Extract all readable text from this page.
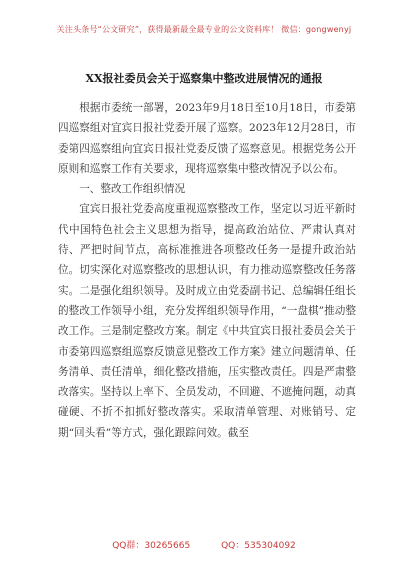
关注头条号“公文研究”，获得最新最全最专业的公文资料库！ 微信：gongwenyj
XX报社委员会关于巡察集中整改进展情况的通报

根据市委统一部署，2023年9月18日至10月18日，市委第四巡察组对宜宾日报社党委开展了巡察。2023年12月28日，市委第四巡察组向宜宾日报社党委反馈了巡察意见。根据党务公开原则和巡察工作有关要求，现将巡察集中整改情况予以公布。

一、整改工作组织情况

宜宾日报社党委高度重视巡察整改工作，坚定以习近平新时代中国特色社会主义思想为指导，提高政治站位、严肃认真对待、严把时间节点，高标准推进各项整改任务一是提升政治站位。切实深化对巡察整改的思想认识，有力推动巡察整改任务落实。二是强化组织领导。及时成立由党委副书记、总编辑任组长的整改工作领导小组，充分发挥组织领导作用，“一盘棋”推动整改工作。三是制定整改方案。制定《中共宜宾日报社委员会关于市委第四巡察组巡察反馈意见整改工作方案》建立问题清单、任务清单、责任清单，细化整改措施，压实整改责任。四是严肃整改落实。坚持以上率下、全员发动，不回避、不遮掩问题，动真碰硬、不折不扣抓好整改落实。采取清单管理、对账销号、定期“回头看”等方式，强化跟踪问效。截至

QQ群：30265665	QQ：535304092
